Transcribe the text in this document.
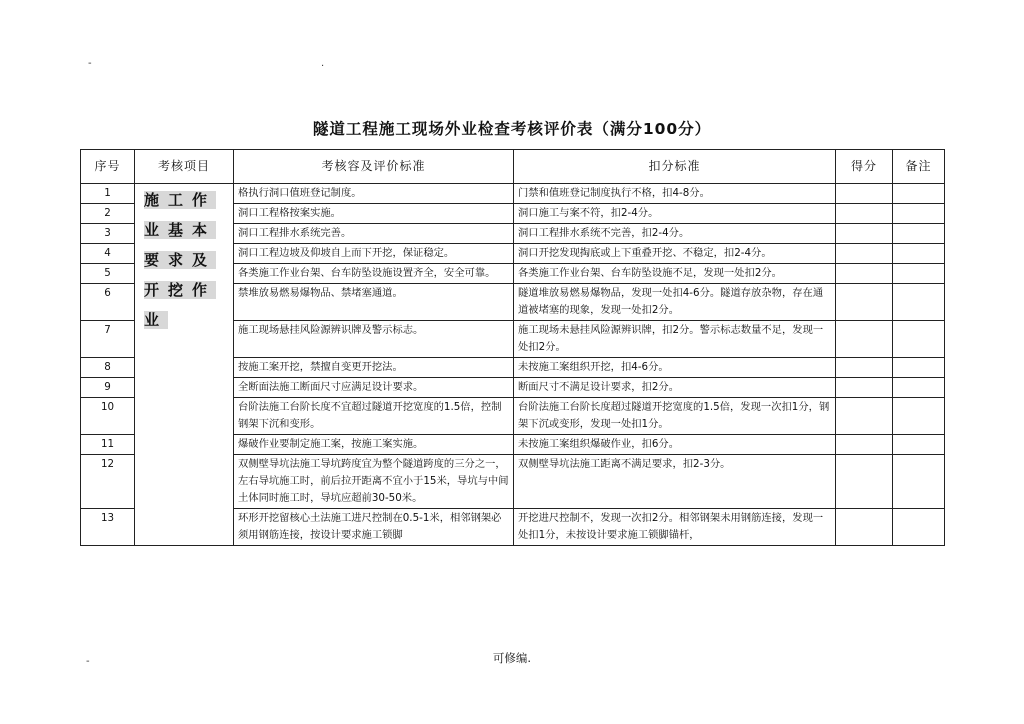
-	.
隧道工程施工现场外业检查考核评价表（满分100分）
序号	考核项目	考核容及评价标准	扣分标准	得分	备注
1	施工作业基本要求及开挖作业	格执行洞口值班登记制度。	门禁和值班登记制度执行不格，扣4-8分。		
2		洞口工程格按案实施。	洞口施工与案不符，扣2-4分。		
3		洞口工程排水系统完善。	洞口工程排水系统不完善，扣2-4分。		
4		洞口工程边坡及仰坡自上而下开挖，保证稳定。	洞口开挖发现掏底或上下重叠开挖、不稳定，扣2-4分。		
5		各类施工作业台架、台车防坠设施设置齐全，安全可靠。	各类施工作业台架、台车防坠设施不足，发现一处扣2分。		
6		禁堆放易燃易爆物品、禁堵塞通道。	隧道堆放易燃易爆物品，发现一处扣4-6分。隧道存放杂物，存在通道被堵塞的现象，发现一处扣2分。		
7		施工现场悬挂风险源辨识牌及警示标志。	施工现场未悬挂风险源辨识牌，扣2分。警示标志数量不足，发现一处扣2分。		
8		按施工案开挖，禁擅自变更开挖法。	未按施工案组织开挖，扣4-6分。		
9		全断面法施工断面尺寸应满足设计要求。	断面尺寸不满足设计要求，扣2分。		
10		台阶法施工台阶长度不宜超过隧道开挖宽度的1.5倍，控制钢架下沉和变形。	台阶法施工台阶长度超过隧道开挖宽度的1.5倍，发现一次扣1分，钢架下沉或变形，发现一处扣1分。		
11		爆破作业要制定施工案，按施工案实施。	未按施工案组织爆破作业，扣6分。		
12		双侧壁导坑法施工导坑跨度宜为整个隧道跨度的三分之一，左右导坑施工时，前后拉开距离不宜小于15米，导坑与中间土体同时施工时，导坑应超前30-50米。	双侧壁导坑法施工距离不满足要求，扣2-3分。		
13		环形开挖留核心土法施工进尺控制在0.5-1米，相邻钢架必须用钢筋连接，按设计要求施工锁脚	开挖进尺控制不，发现一次扣2分。相邻钢架未用钢筋连接，发现一处扣1分，未按设计要求施工锁脚锚杆，		
-	可修编.
